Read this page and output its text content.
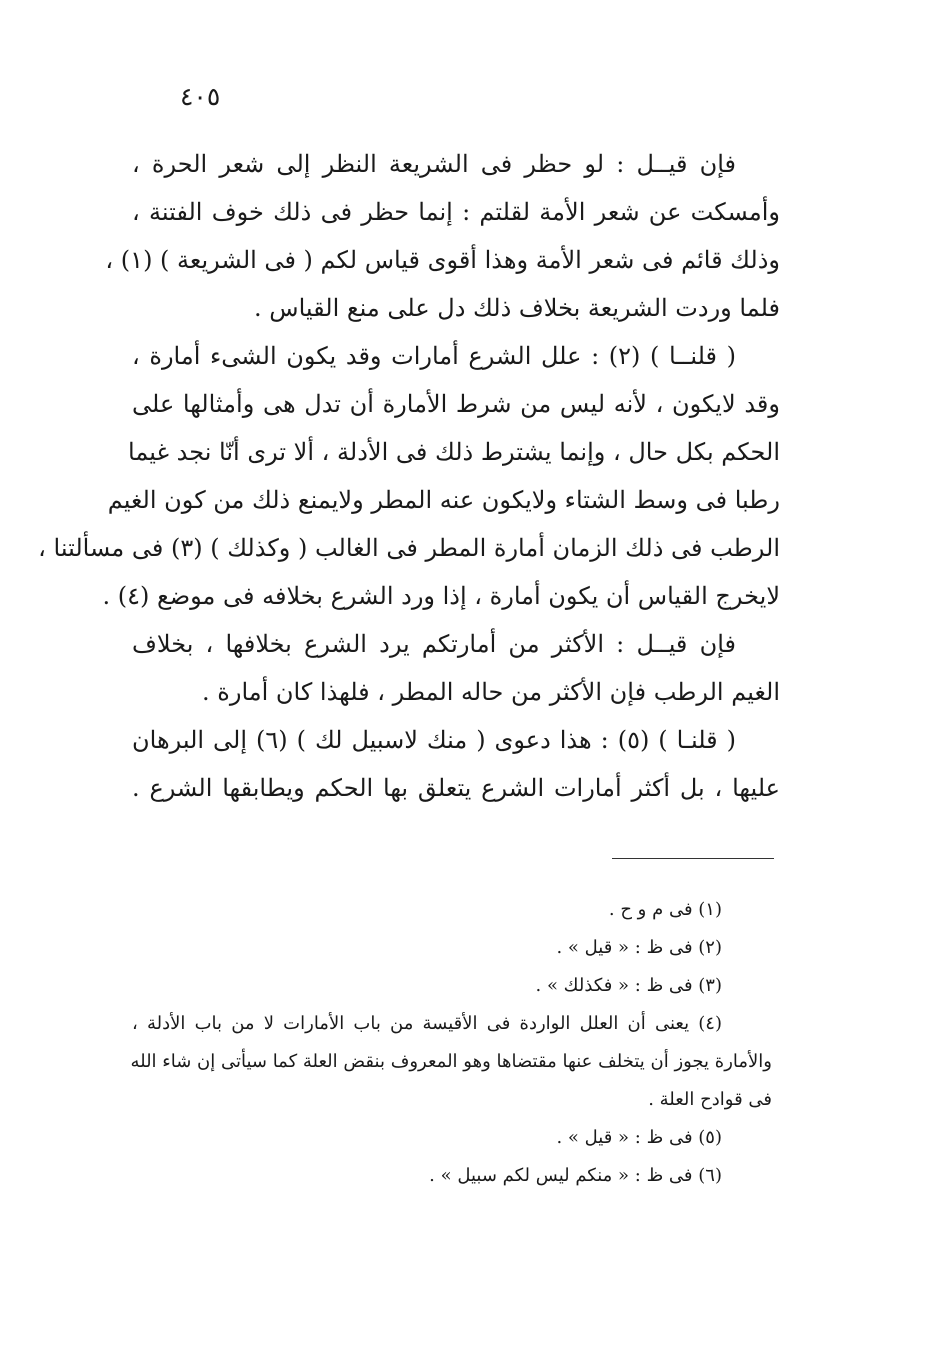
٤٠٥
فإن قيــل : لو حظر فى الشريعة النظر إلى شعر الحرة ،
وأمسكت عن شعر الأمة لقلتم : إنما حظر فى ذلك خوف الفتنة ،
وذلك قائم فى شعر الأمة وهذا أقوى قياس لكم ( فى الشريعة ) (١) ،
فلما وردت الشريعة بخلاف ذلك دل على منع القياس .
( قلنــا ) (٢) : علل الشرع أمارات وقد يكون الشىء أمارة ،
وقد لايكون ، لأنه ليس من شرط الأمارة أن تدل هى وأمثالها على
الحكم بكل حال ، وإنما يشترط ذلك فى الأدلة ، ألا ترى أنّا نجد غيما
رطبا فى وسط الشتاء ولايكون عنه المطر ولايمنع ذلك من كون الغيم
الرطب فى ذلك الزمان أمارة المطر فى الغالب ( وكذلك ) (٣) فى مسألتنا ،
لايخرج القياس أن يكون أمارة ، إذا ورد الشرع بخلافه فى موضع (٤) .
فإن قيــل : الأكثر من أمارتكم يرد الشرع بخلافها ، بخلاف
الغيم الرطب فإن الأكثر من حاله المطر ، فلهذا كان أمارة .
( قلنـا ) (٥) : هذا دعوى ( منك لاسبيل لك ) (٦) إلى البرهان
عليها ، بل أكثر أمارات الشرع يتعلق بها الحكم ويطابقها الشرع .
(١) فى م و ح .
(٢) فى ظ : « قيل » .
(٣) فى ظ : « فكذلك » .
(٤) يعنى أن العلل الواردة فى الأقيسة من باب الأمارات لا من باب الأدلة ،
والأمارة يجوز أن يتخلف عنها مقتضاها وهو المعروف بنقض العلة كما سيأتى إن شاء الله
فى قوادح العلة .
(٥) فى ظ : « قيل » .
(٦) فى ظ : « منكم ليس لكم سبيل » .
